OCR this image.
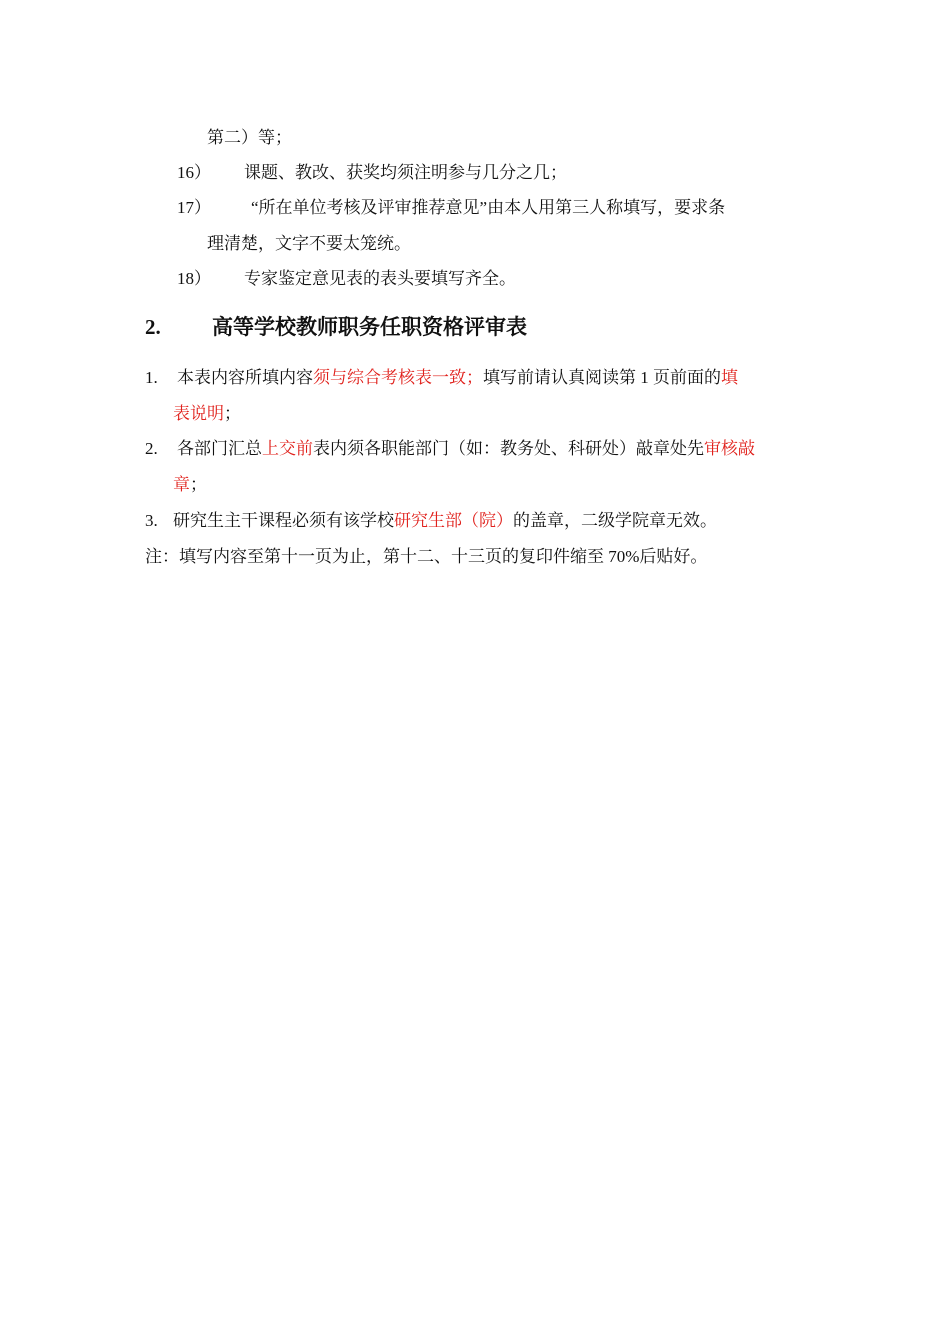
第二）等；
16） 课题、教改、获奖均须注明参与几分之几；
17） “所在单位考核及评审推荐意见”由本人用第三人称填写，要求条
理清楚，文字不要太笼统。
18） 专家鉴定意见表的表头要填写齐全。
2. 高等学校教师职务任职资格评审表
1. 本表内容所填内容须与综合考核表一致；填写前请认真阅读第 1 页前面的填
表说明；
2. 各部门汇总上交前表内须各职能部门（如：教务处、科研处）敲章处先审核敲
章；
3. 研究生主干课程必须有该学校研究生部（院）的盖章，二级学院章无效。
注：填写内容至第十一页为止，第十二、十三页的复印件缩至 70%后贴好。
